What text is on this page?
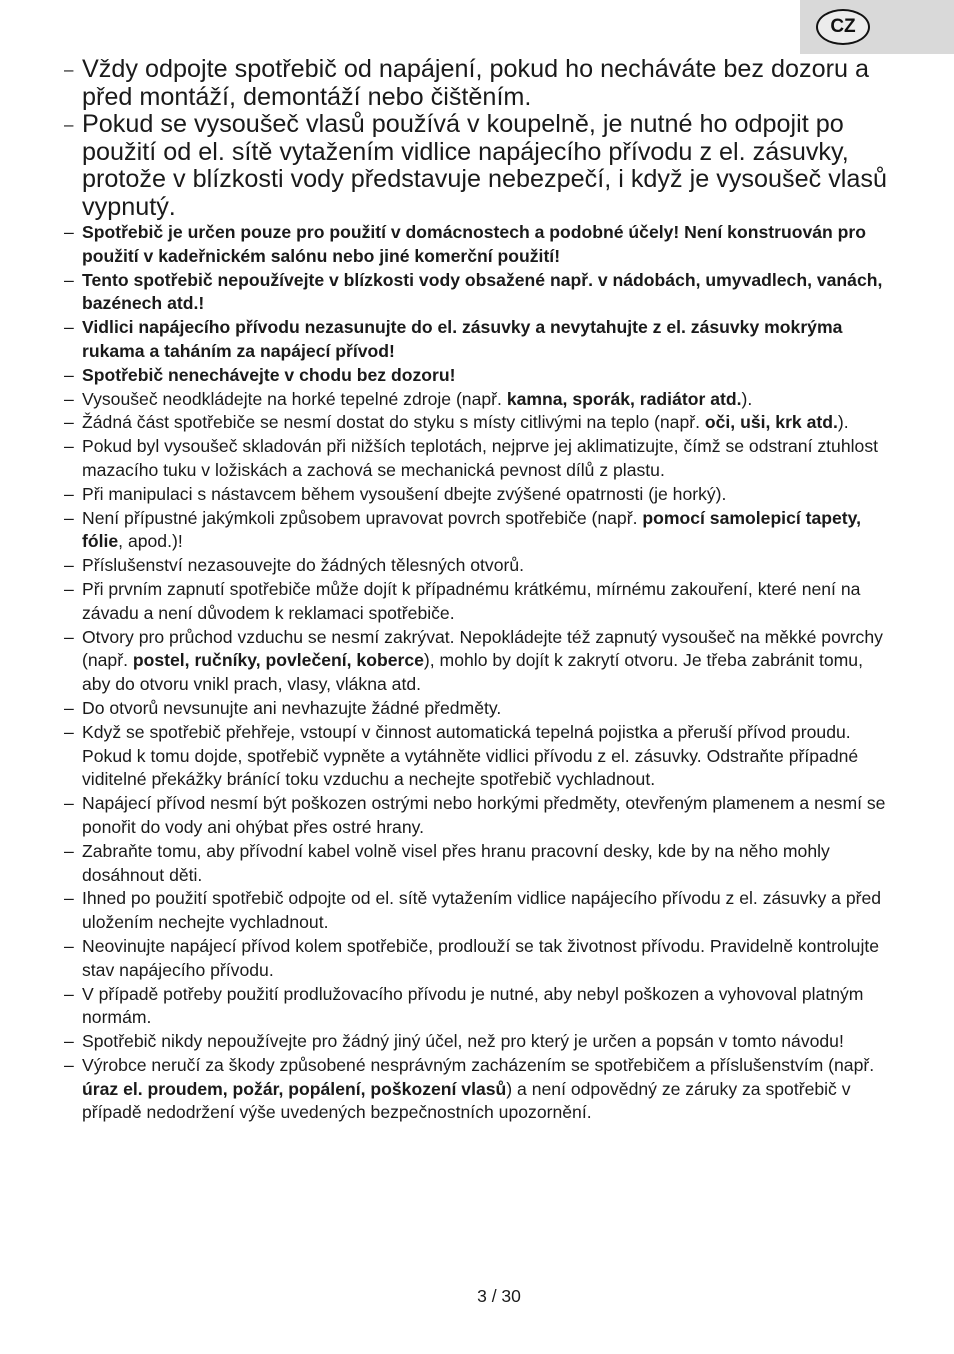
CZ
– Vždy odpojte spotřebič od napájení, pokud ho necháváte bez dozoru a před montáží, demontáží nebo čištěním.
– Pokud se vysoušeč vlasů používá v koupelně, je nutné ho odpojit po použití od el. sítě vytažením vidlice napájecího přívodu z el. zásuvky, protože v blízkosti vody představuje nebezpečí, i když je vysoušeč vlasů vypnutý.
– Spotřebič je určen pouze pro použití v domácnostech a podobné účely! Není konstruován pro použití v kadeřnickém salónu nebo jiné komerční použití!
– Tento spotřebič nepoužívejte v blízkosti vody obsažené např. v nádobách, umyvadlech, vanách, bazénech atd.!
– Vidlici napájecího přívodu nezasunujte do el. zásuvky a nevytahujte z el. zásuvky mokrýma rukama a taháním za napájecí přívod!
– Spotřebič nenechávejte v chodu bez dozoru!
– Vysoušeč neodkládejte na horké tepelné zdroje (např. kamna, sporák, radiátor atd.).
– Žádná část spotřebiče se nesmí dostat do styku s místy citlivými na teplo (např. oči, uši, krk atd.).
– Pokud byl vysoušeč skladován při nižších teplotách, nejprve jej aklimatizujte, čímž se odstraní ztuhlost mazacího tuku v ložiskách a zachová se mechanická pevnost dílů z plastu.
– Při manipulaci s nástavcem během vysoušení dbejte zvýšené opatrnosti (je horký).
– Není přípustné jakýmkoli způsobem upravovat povrch spotřebiče (např. pomocí samolepicí tapety, fólie, apod.)!
– Příslušenství nezasouvejte do žádných tělesných otvorů.
– Při prvním zapnutí spotřebiče může dojít k případnému krátkému, mírnému zakouření, které není na závadu a není důvodem k reklamaci spotřebiče.
– Otvory pro průchod vzduchu se nesmí zakrývat. Nepokládejte též zapnutý vysoušeč na měkké povrchy (např. postel, ručníky, povlečení, koberce), mohlo by dojít k zakrytí otvoru. Je třeba zabránit tomu, aby do otvoru vnikl prach, vlasy, vlákna atd.
– Do otvorů nevsunujte ani nevhazujte žádné předměty.
– Když se spotřebič přehřeje, vstoupí v činnost automatická tepelná pojistka a přeruší přívod proudu. Pokud k tomu dojde, spotřebič vypněte a vytáhněte vidlici přívodu z el. zásuvky. Odstraňte případné viditelné překážky bránící toku vzduchu a nechejte spotřebič vychladnout.
– Napájecí přívod nesmí být poškozen ostrými nebo horkými předměty, otevřeným plamenem a nesmí se ponořit do vody ani ohýbat přes ostré hrany.
– Zabraňte tomu, aby přívodní kabel volně visel přes hranu pracovní desky, kde by na něho mohly dosáhnout děti.
– Ihned po použití spotřebič odpojte od el. sítě vytažením vidlice napájecího přívodu z el. zásuvky a před uložením nechejte vychladnout.
– Neovinujte napájecí přívod kolem spotřebiče, prodlouží se tak životnost přívodu. Pravidelně kontrolujte stav napájecího přívodu.
– V případě potřeby použití prodlužovacího přívodu je nutné, aby nebyl poškozen a vyhovoval platným normám.
– Spotřebič nikdy nepoužívejte pro žádný jiný účel, než pro který je určen a popsán v tomto návodu!
– Výrobce neručí za škody způsobené nesprávným zacházením se spotřebičem a příslušenstvím (např. úraz el. proudem, požár, popálení, poškození vlasů) a není odpovědný ze záruky za spotřebič v případě nedodržení výše uvedených bezpečnostních upozornění.
3 / 30
